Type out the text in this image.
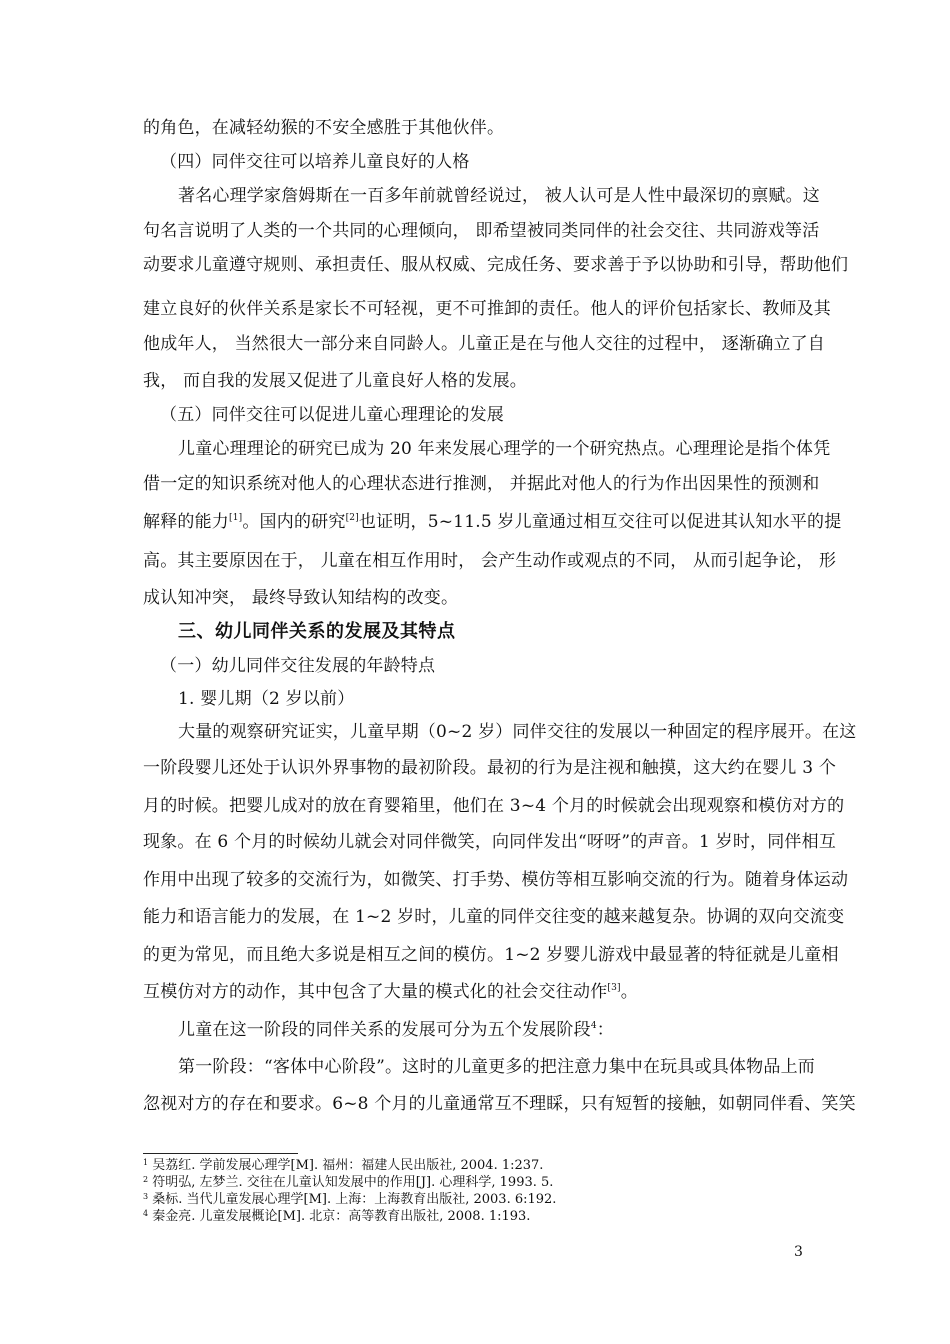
的角色，在减轻幼猴的不安全感胜于其他伙伴。
（四）同伴交往可以培养儿童良好的人格
著名心理学家詹姆斯在一百多年前就曾经说过， 被人认可是人性中最深切的禀赋。这
句名言说明了人类的一个共同的心理倾向， 即希望被同类同伴的社会交往、共同游戏等活
动要求儿童遵守规则、承担责任、服从权威、完成任务、要求善于予以协助和引导，帮助他们
建立良好的伙伴关系是家长不可轻视，更不可推卸的责任。他人的评价包括家长、教师及其
他成年人， 当然很大一部分来自同龄人。儿童正是在与他人交往的过程中， 逐渐确立了自
我， 而自我的发展又促进了儿童良好人格的发展。
（五）同伴交往可以促进儿童心理理论的发展
儿童心理理论的研究已成为 20 年来发展心理学的一个研究热点。心理理论是指个体凭
借一定的知识系统对他人的心理状态进行推测， 并据此对他人的行为作出因果性的预测和
解释的能力[1]。国内的研究[2]也证明，5~11.5 岁儿童通过相互交往可以促进其认知水平的提
高。其主要原因在于， 儿童在相互作用时， 会产生动作或观点的不同， 从而引起争论， 形
成认知冲突， 最终导致认知结构的改变。
三、幼儿同伴关系的发展及其特点
（一）幼儿同伴交往发展的年龄特点
1. 婴儿期（2 岁以前）
大量的观察研究证实，儿童早期（0~2 岁）同伴交往的发展以一种固定的程序展开。在这
一阶段婴儿还处于认识外界事物的最初阶段。最初的行为是注视和触摸，这大约在婴儿 3 个
月的时候。把婴儿成对的放在育婴箱里，他们在 3~4 个月的时候就会出现观察和模仿对方的
现象。在 6 个月的时候幼儿就会对同伴微笑，向同伴发出“呀呀”的声音。1 岁时，同伴相互
作用中出现了较多的交流行为，如微笑、打手势、模仿等相互影响交流的行为。随着身体运动
能力和语言能力的发展，在 1~2 岁时，儿童的同伴交往变的越来越复杂。协调的双向交流变
的更为常见，而且绝大多说是相互之间的模仿。1~2 岁婴儿游戏中最显著的特征就是儿童相
互模仿对方的动作，其中包含了大量的模式化的社会交往动作[3]。
儿童在这一阶段的同伴关系的发展可分为五个发展阶段$^4$：
第一阶段：“客体中心阶段”。这时的儿童更多的把注意力集中在玩具或具体物品上而
忽视对方的存在和要求。6~8 个月的儿童通常互不理睬，只有短暂的接触，如朝同伴看、笑笑
$^1$ 吴荔红. 学前发展心理学[M]. 福州：福建人民出版社, 2004. 1:237.
$^2$ 符明弘, 左梦兰. 交往在儿童认知发展中的作用[J]. 心理科学, 1993. 5.
$^3$ 桑标. 当代儿童发展心理学[M]. 上海：上海教育出版社, 2003. 6:192.
$^4$ 秦金亮. 儿童发展概论[M]. 北京：高等教育出版社, 2008. 1:193.
3
